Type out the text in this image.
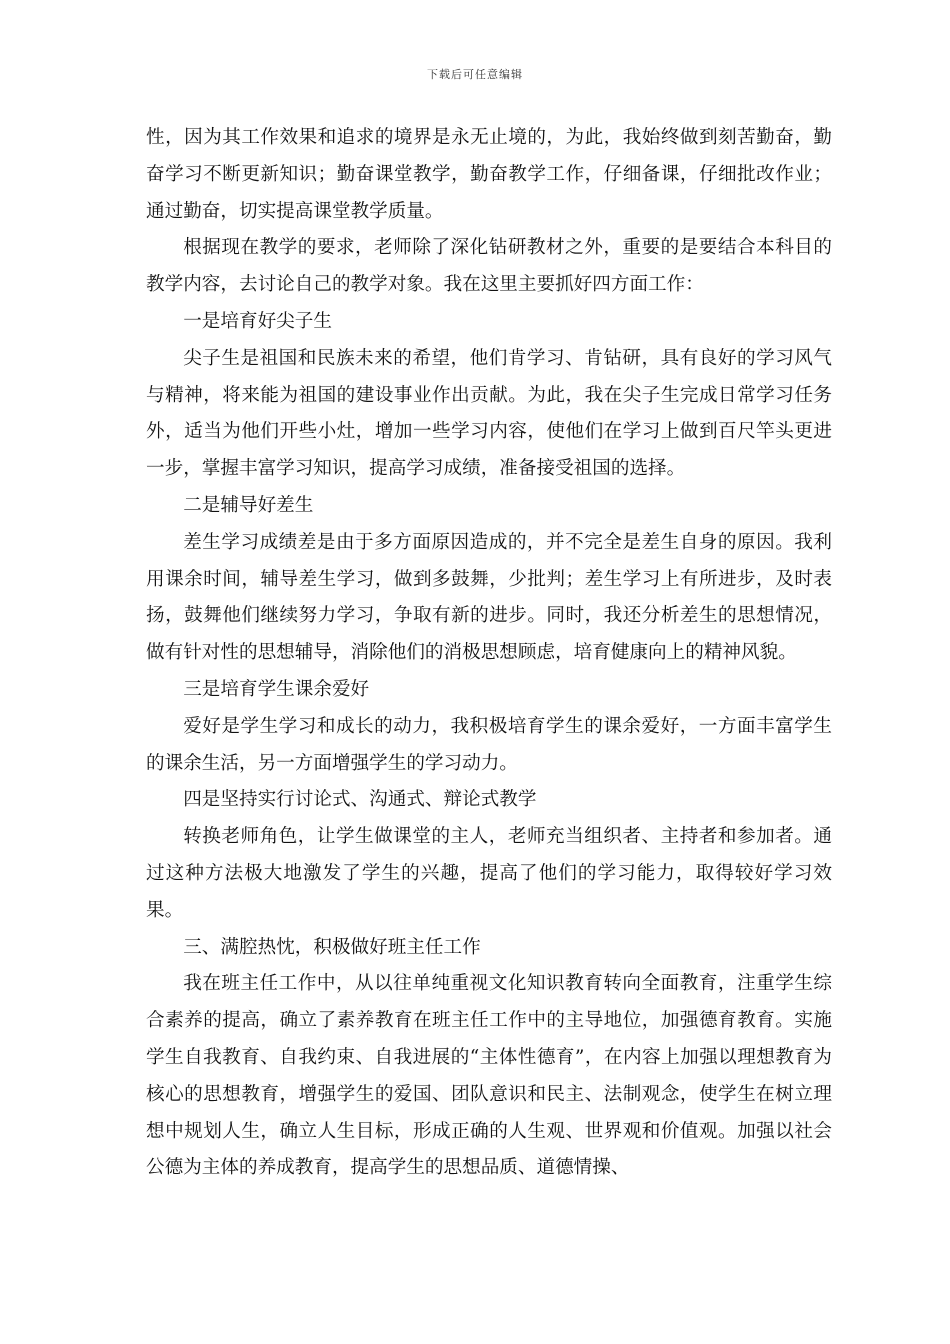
下载后可任意编辑

性，因为其工作效果和追求的境界是永无止境的，为此，我始终做到刻苦勤奋，勤奋学习不断更新知识；勤奋课堂教学，勤奋教学工作，仔细备课，仔细批改作业；通过勤奋，切实提高课堂教学质量。

根据现在教学的要求，老师除了深化钻研教材之外，重要的是要结合本科目的教学内容，去讨论自己的教学对象。我在这里主要抓好四方面工作：

一是培育好尖子生

尖子生是祖国和民族未来的希望，他们肯学习、肯钻研，具有良好的学习风气与精神，将来能为祖国的建设事业作出贡献。为此，我在尖子生完成日常学习任务外，适当为他们开些小灶，增加一些学习内容，使他们在学习上做到百尺竿头更进一步，掌握丰富学习知识，提高学习成绩，准备接受祖国的选择。

二是辅导好差生

差生学习成绩差是由于多方面原因造成的，并不完全是差生自身的原因。我利用课余时间，辅导差生学习，做到多鼓舞，少批判；差生学习上有所进步，及时表扬，鼓舞他们继续努力学习，争取有新的进步。同时，我还分析差生的思想情况，做有针对性的思想辅导，消除他们的消极思想顾虑，培育健康向上的精神风貌。

三是培育学生课余爱好

爱好是学生学习和成长的动力，我积极培育学生的课余爱好，一方面丰富学生的课余生活，另一方面增强学生的学习动力。

四是坚持实行讨论式、沟通式、辩论式教学

转换老师角色，让学生做课堂的主人，老师充当组织者、主持者和参加者。通过这种方法极大地激发了学生的兴趣，提高了他们的学习能力，取得较好学习效果。

三、满腔热忱，积极做好班主任工作

我在班主任工作中，从以往单纯重视文化知识教育转向全面教育，注重学生综合素养的提高，确立了素养教育在班主任工作中的主导地位，加强德育教育。实施学生自我教育、自我约束、自我进展的“主体性德育”，在内容上加强以理想教育为核心的思想教育，增强学生的爱国、团队意识和民主、法制观念，使学生在树立理想中规划人生，确立人生目标，形成正确的人生观、世界观和价值观。加强以社会公德为主体的养成教育，提高学生的思想品质、道德情操、
